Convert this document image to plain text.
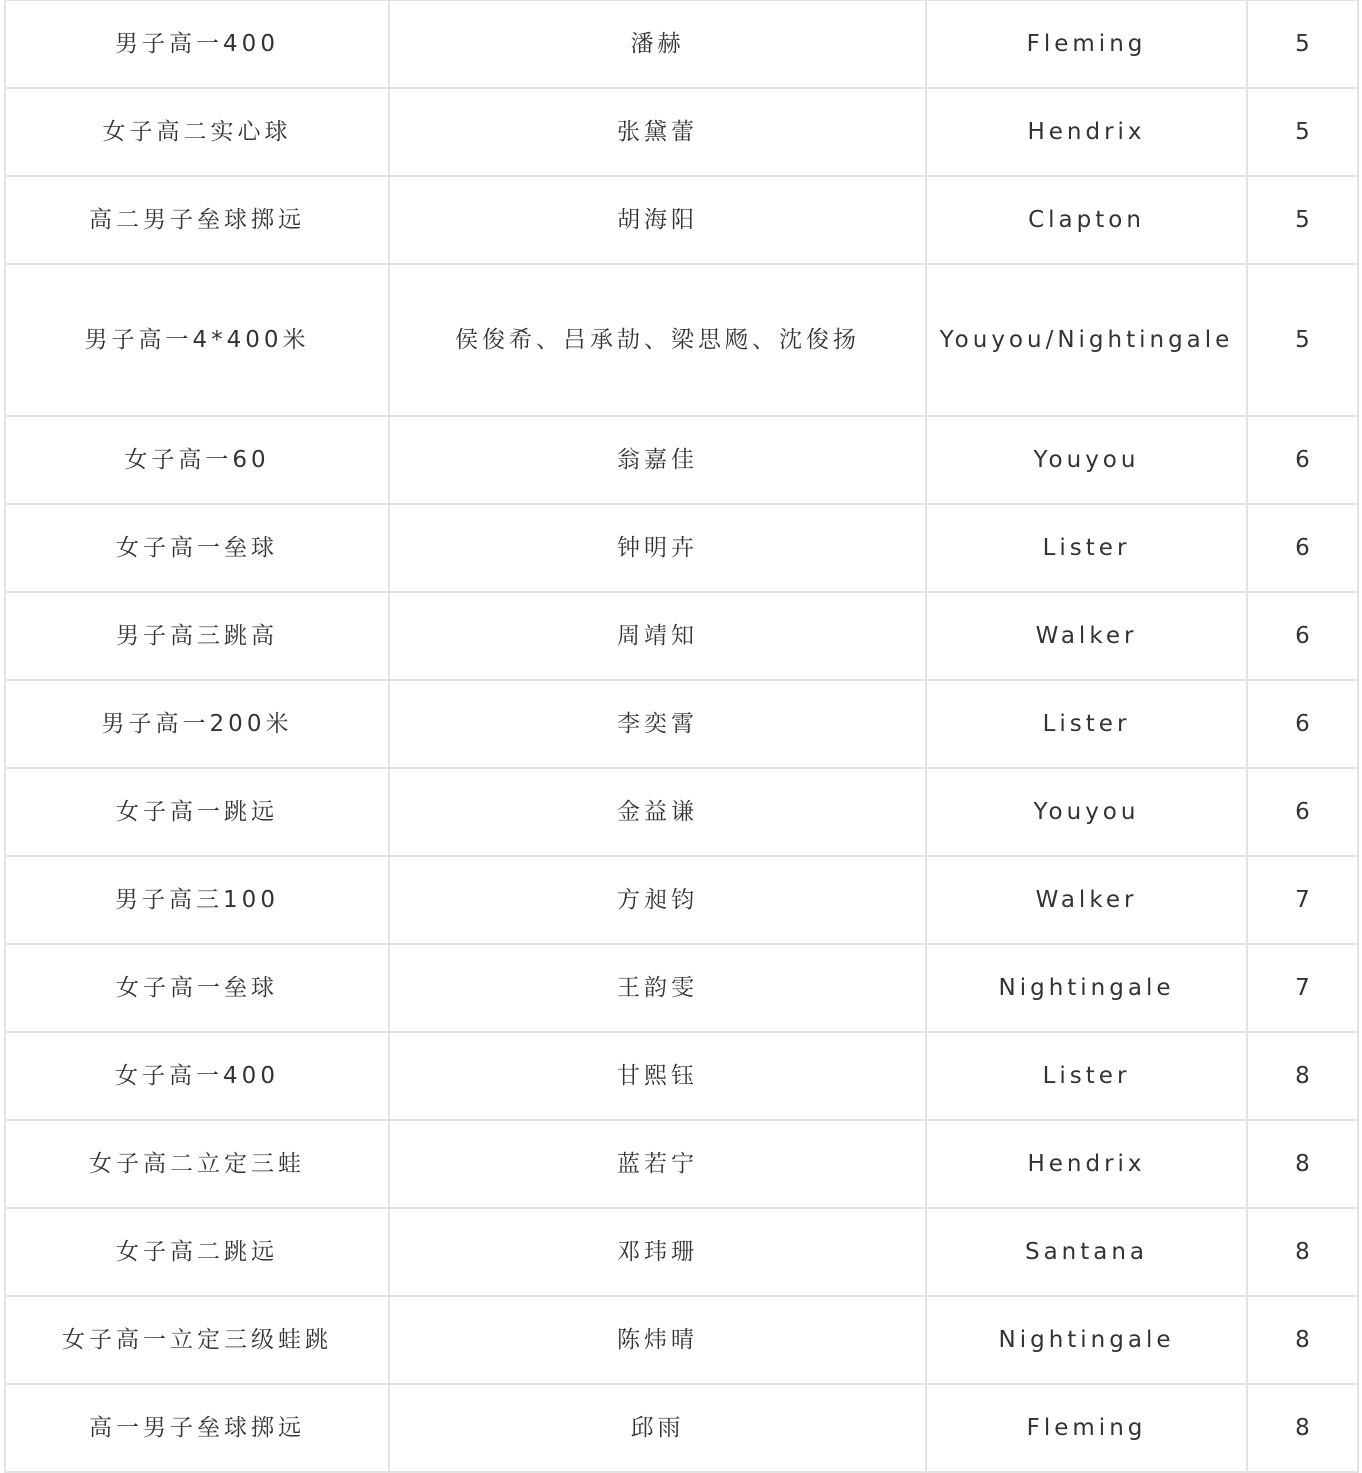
男子高一400	潘赫	Fleming	5
女子高二实心球	张黛蕾	Hendrix	5
高二男子垒球掷远	胡海阳	Clapton	5
男子高一4*400米	侯俊希、吕承劼、梁思飏、沈俊扬	Youyou/Nightingale	5
女子高一60	翁嘉佳	Youyou	6
女子高一垒球	钟明卉	Lister	6
男子高三跳高	周靖知	Walker	6
男子高一200米	李奕霄	Lister	6
女子高一跳远	金益谦	Youyou	6
男子高三100	方昶钧	Walker	7
女子高一垒球	王韵雯	Nightingale	7
女子高一400	甘熙钰	Lister	8
女子高二立定三蛙	蓝若宁	Hendrix	8
女子高二跳远	邓玮珊	Santana	8
女子高一立定三级蛙跳	陈炜晴	Nightingale	8
高一男子垒球掷远	邱雨	Fleming	8
